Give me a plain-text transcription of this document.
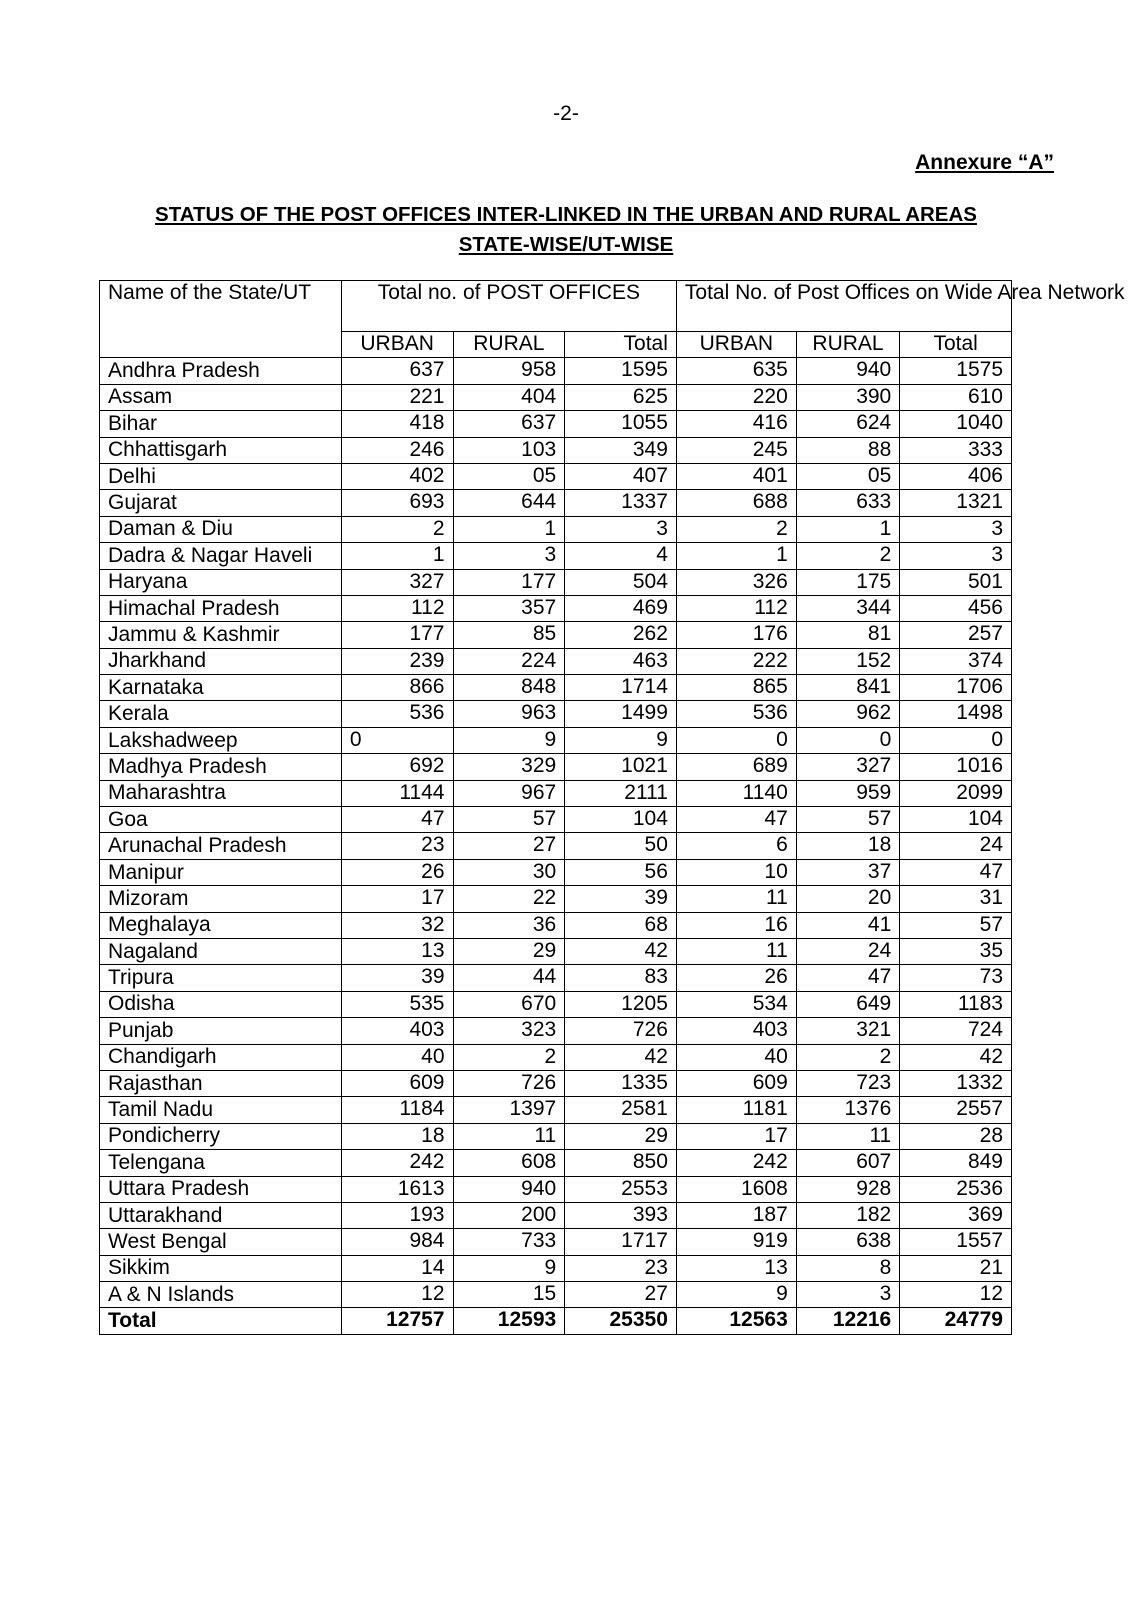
-2-
Annexure “A”
STATUS OF THE POST OFFICES INTER-LINKED IN THE URBAN AND RURAL AREAS
STATE-WISE/UT-WISE
Name of the State/UT	Total no. of POST OFFICES			Total No. of Post Offices on Wide Area Network		
	URBAN	RURAL	Total	URBAN	RURAL	Total
Andhra Pradesh	637	958	1595	635	940	1575
Assam	221	404	625	220	390	610
Bihar	418	637	1055	416	624	1040
Chhattisgarh	246	103	349	245	88	333
Delhi	402	05	407	401	05	406
Gujarat	693	644	1337	688	633	1321
Daman & Diu	2	1	3	2	1	3
Dadra & Nagar Haveli	1	3	4	1	2	3
Haryana	327	177	504	326	175	501
Himachal Pradesh	112	357	469	112	344	456
Jammu & Kashmir	177	85	262	176	81	257
Jharkhand	239	224	463	222	152	374
Karnataka	866	848	1714	865	841	1706
Kerala	536	963	1499	536	962	1498
Lakshadweep	0	9	9	0	0	0
Madhya Pradesh	692	329	1021	689	327	1016
Maharashtra	1144	967	2111	1140	959	2099
Goa	47	57	104	47	57	104
Arunachal Pradesh	23	27	50	6	18	24
Manipur	26	30	56	10	37	47
Mizoram	17	22	39	11	20	31
Meghalaya	32	36	68	16	41	57
Nagaland	13	29	42	11	24	35
Tripura	39	44	83	26	47	73
Odisha	535	670	1205	534	649	1183
Punjab	403	323	726	403	321	724
Chandigarh	40	2	42	40	2	42
Rajasthan	609	726	1335	609	723	1332
Tamil Nadu	1184	1397	2581	1181	1376	2557
Pondicherry	18	11	29	17	11	28
Telengana	242	608	850	242	607	849
Uttara Pradesh	1613	940	2553	1608	928	2536
Uttarakhand	193	200	393	187	182	369
West Bengal	984	733	1717	919	638	1557
Sikkim	14	9	23	13	8	21
A & N Islands	12	15	27	9	3	12
Total	12757	12593	25350	12563	12216	24779
